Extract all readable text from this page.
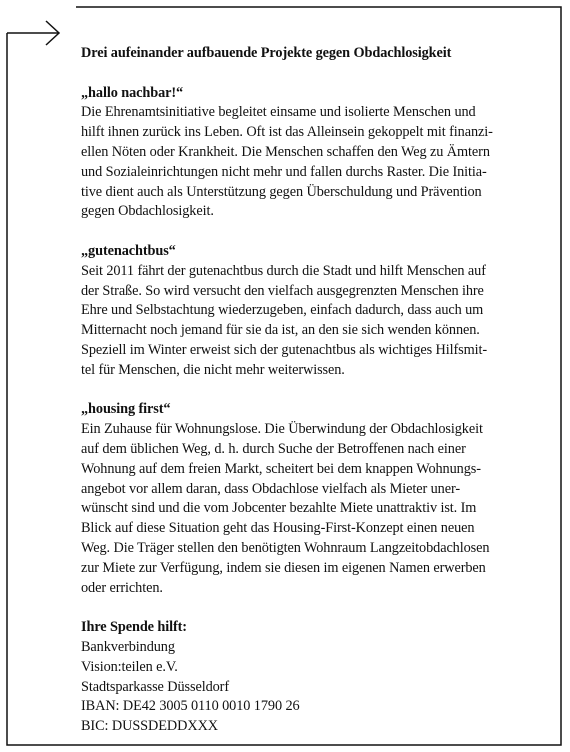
Drei aufeinander aufbauende Projekte gegen Obdachlosigkeit
„hallo nachbar!“
Die Ehrenamtsinitiative begleitet einsame und isolierte Menschen und
hilft ihnen zurück ins Leben. Oft ist das Alleinsein gekoppelt mit finanzi-
ellen Nöten oder Krankheit. Die Menschen schaffen den Weg zu Ämtern
und Sozialeinrichtungen nicht mehr und fallen durchs Raster. Die Initia-
tive dient auch als Unterstützung gegen Überschuldung und Prävention
gegen Obdachlosigkeit.
„gutenachtbus“
Seit 2011 fährt der gutenachtbus durch die Stadt und hilft Menschen auf
der Straße. So wird versucht den vielfach ausgegrenzten Menschen ihre
Ehre und Selbstachtung wiederzugeben, einfach dadurch, dass auch um
Mitternacht noch jemand für sie da ist, an den sie sich wenden können.
Speziell im Winter erweist sich der gutenachtbus als wichtiges Hilfsmit-
tel für Menschen, die nicht mehr weiterwissen.
„housing first“
Ein Zuhause für Wohnungslose. Die Überwindung der Obdachlosigkeit
auf dem üblichen Weg, d. h. durch Suche der Betroffenen nach einer
Wohnung auf dem freien Markt, scheitert bei dem knappen Wohnungs-
angebot vor allem daran, dass Obdachlose vielfach als Mieter uner-
wünscht sind und die vom Jobcenter bezahlte Miete unattraktiv ist. Im
Blick auf diese Situation geht das Housing-First-Konzept einen neuen
Weg. Die Träger stellen den benötigten Wohnraum Langzeitobdachlosen
zur Miete zur Verfügung, indem sie diesen im eigenen Namen erwerben
oder errichten.
Ihre Spende hilft:
Bankverbindung
Vision:teilen e.V.
Stadtsparkasse Düsseldorf
IBAN: DE42 3005 0110 0010 1790 26
BIC: DUSSDEDDXXX
